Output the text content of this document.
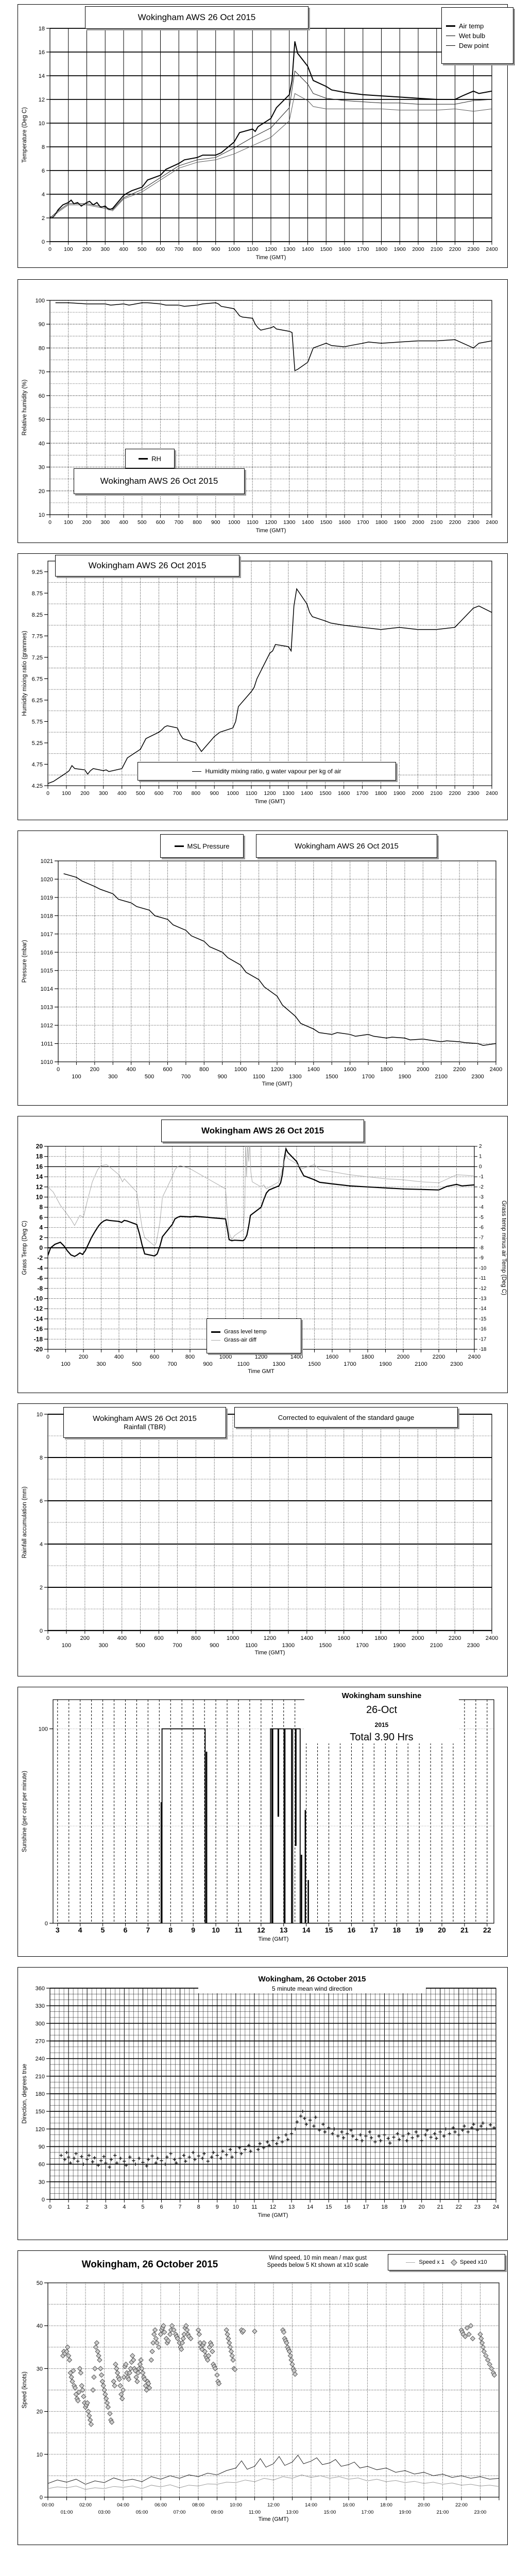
0
2
4
6
8
10
12
14
16
18
0 100 200 300 400 500 600 700 800 900 1000 1100 1200 1300 1400 1500 1600 1700 1800 1900 2000 2100 2200 2300 2400
Time (GMT)
Temperature (Deg C)
Wokingham AWS 26 Oct 2015
Air temp
Wet bulb
Dew point
10
20
30
40
50
60
70
80
90
100
0 100 200 300 400 500 600 700 800 900 1000 1100 1200 1300 1400 1500 1600 1700 1800 1900 2000 2100 2200 2300 2400
Time (GMT)
Relative humidity (%)
RH
Wokingham AWS 26 Oct 2015
4.25
4.75
5.25
5.75
6.25
6.75
7.25
7.75
8.25
8.75
9.25
0 100 200 300 400 500 600 700 800 900 1000 1100 1200 1300 1400 1500 1600 1700 1800 1900 2000 2100 2200 2300 2400
Time (GMT)
Humidity mixing ratio (grammes)
Wokingham AWS 26 Oct 2015
Humidity mixing ratio, g water vapour per kg of air
1010
1011
1012
1013
1014
1015
1016
1017
1018
1019
1020
1021
0
100
200
300
400
500
600
700
800
900
1000
1100
1200
1300
1400
1500
1600
1700
1800
1900
2000
2100
2200
2300
2400
Time (GMT)
Pressure (mbar)
MSL Pressure	Wokingham AWS 26 Oct 2015
-20
-18
-16
-14
-12
-10
-8
-6
-4
-2
0
2
4
6
8
10
12
14
16
18
20
-18
-17
-16
-15
-14
-13
-12
-11
-10
-9
-8
-7
-6
-5
-4
-3
-2
-1
0
1
2
0
100
200
300
400
500
600
700
800
900
1000
1100
1200
1300
1400
1500
1600
1700
1800
1900
2000
2100
2200
2300
2400
Time GMT
Grass Temp (Deg C)	Grass temp minus air Temp (Deg C)
Wokingham AWS 26 Oct 2015
Grass level temp
Grass-air diff
0
2
4
6
8
10
0
100
200
300
400
500
600
700
800
900
1000
1100
1200
1300
1400
1500
1600
1700
1800
1900
2000
2100
2200
2300
2400
Time (GMT)
Rainfall accumulation (mm)
Wokingham AWS 26 Oct 2015
Rainfall (TBR)
Corrected to equivalent of the standard gauge
0
100
3	4	5	6	7	8	9 10 11 12 13 14 15 16 17 18 19 20 21 22
Time (GMT)
Sunshine (per cent per minute)
Wokingham sunshine
26-Oct
2015
Total 3.90 Hrs
0
30
60
90
120
150
180
210
240
270
300
330
360
0	1	2	3	4	5	6	7	8	9 10 11 12 13 14 15 16 17 18 19 20 21 22 23 24
Time (GMT)
Direction, degrees true
Wokingham, 26 October 2015
5 minute mean wind direction
0
10
20
30
40
50
00:00
01:00
02:00
03:00
04:00
05:00
06:00
07:00
08:00
09:00
10:00
11:00
12:00
13:00
14:00
15:00
16:00
17:00
18:00
19:00
20:00
21:00
22:00
23:00
Time (GMT)
Speed (knots)
Wokingham, 26 October 2015
Wind speed, 10 min mean / max gust
Speeds below 5 Kt shown at x10 scale	Speed x 1	Speed x10
